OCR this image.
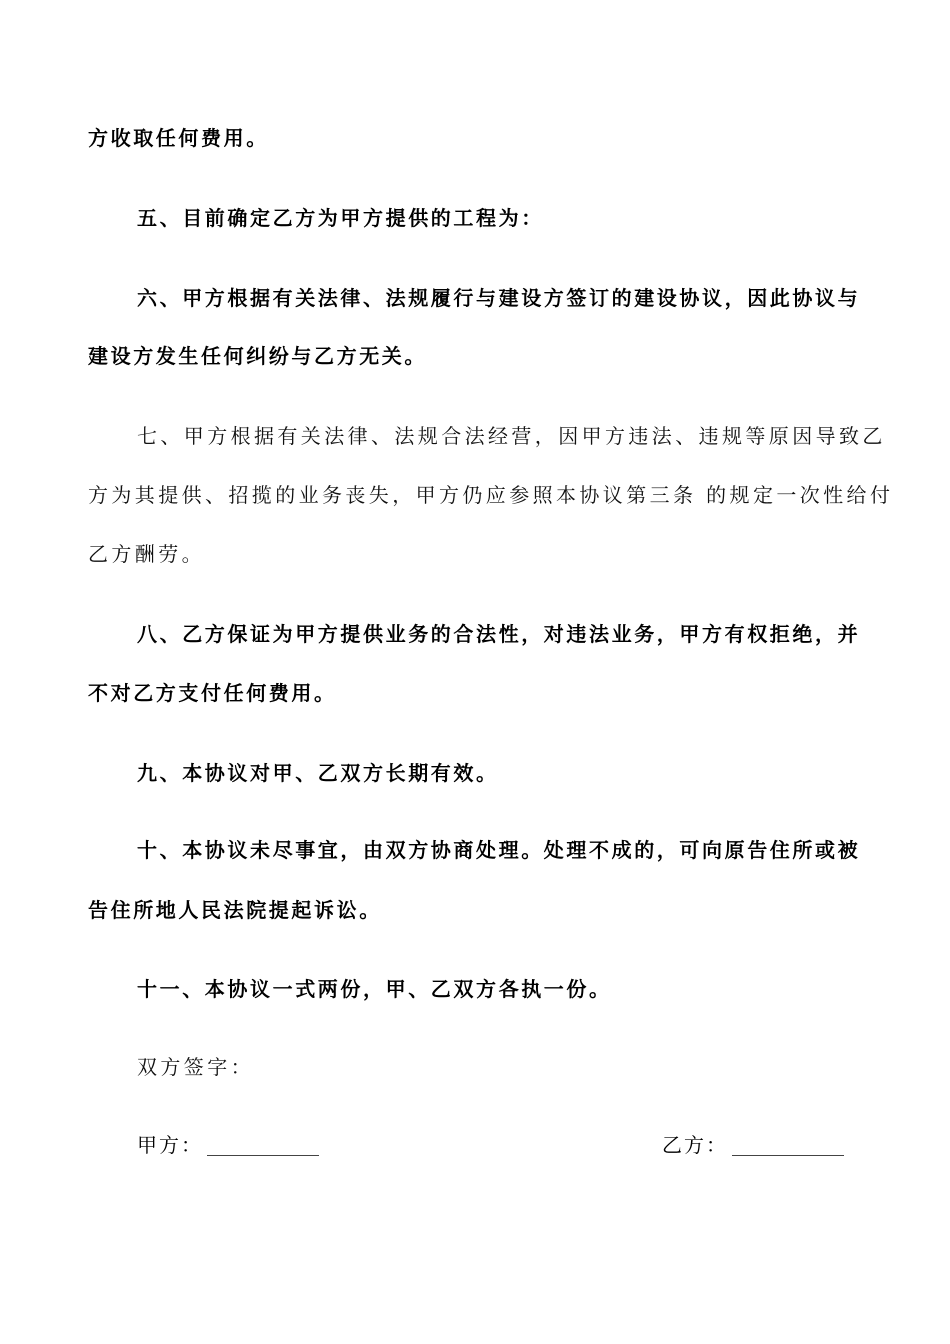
方收取任何费用。
五、目前确定乙方为甲方提供的工程为：
六、甲方根据有关法律、法规履行与建设方签订的建设协议，因此协议与
建设方发生任何纠纷与乙方无关。
七、甲方根据有关法律、法规合法经营，因甲方违法、违规等原因导致乙
方为其提供、招揽的业务丧失，甲方仍应参照本协议第三条 的规定一次性给付
乙方酬劳。
八、乙方保证为甲方提供业务的合法性，对违法业务，甲方有权拒绝，并
不对乙方支付任何费用。
九、本协议对甲、乙双方长期有效。
十、本协议未尽事宜，由双方协商处理。处理不成的，可向原告住所或被
告住所地人民法院提起诉讼。
十一、本协议一式两份，甲、乙双方各执一份。
双方签字：
甲方：	乙方：
